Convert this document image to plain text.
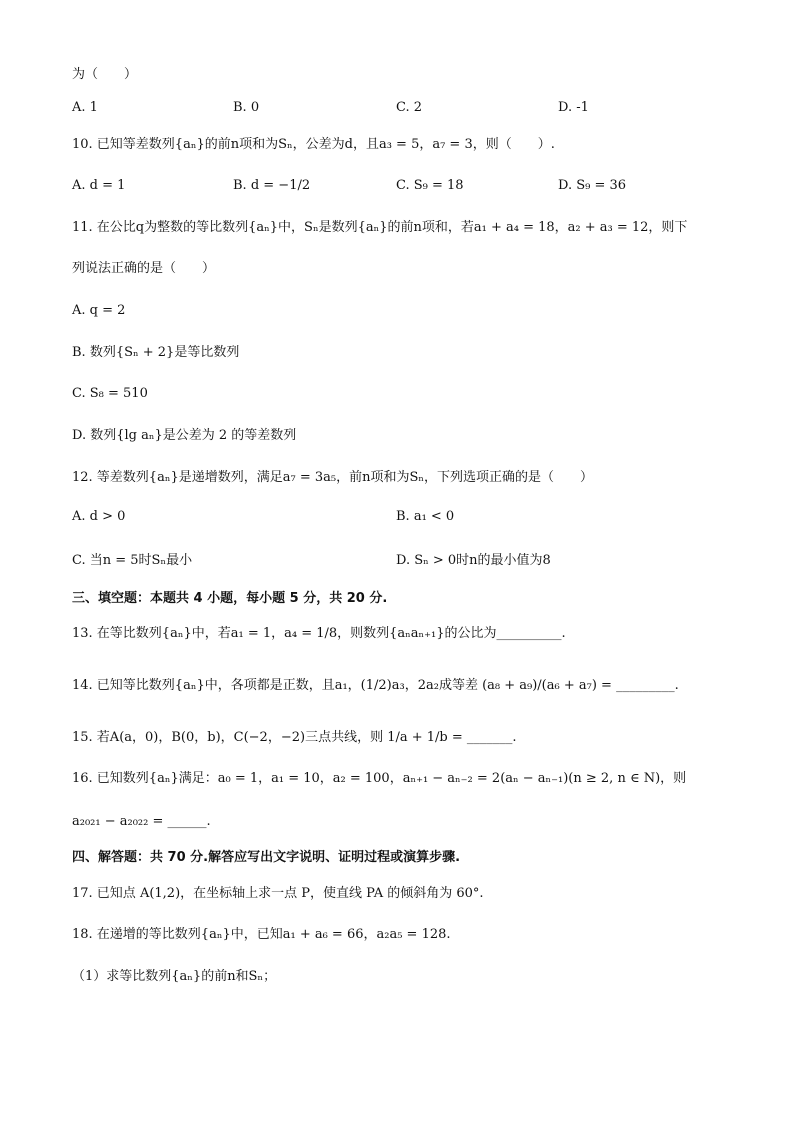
为（　　）
A. 1	B. 0	C. 2	D. -1
10. 已知等差数列{aₙ}的前n项和为Sₙ，公差为d，且a₃ = 5，a₇ = 3，则（　　）.
A. d = 1	B. d = −1/2	C. S₉ = 18	D. S₉ = 36
11. 在公比q为整数的等比数列{aₙ}中，Sₙ是数列{aₙ}的前n项和，若a₁ + a₄ = 18，a₂ + a₃ = 12，则下
列说法正确的是（　　）
A. q = 2
B. 数列{Sₙ + 2}是等比数列
C. S₈ = 510
D. 数列{lg aₙ}是公差为 2 的等差数列
12. 等差数列{aₙ}是递增数列，满足a₇ = 3a₅，前n项和为Sₙ，下列选项正确的是（　　）
A. d > 0	B. a₁ < 0
C. 当n = 5时Sₙ最小	D. Sₙ > 0时n的最小值为8
三、填空题：本题共 4 小题，每小题 5 分，共 20 分.
13. 在等比数列{aₙ}中，若a₁ = 1，a₄ = 1/8，则数列{aₙaₙ₊₁}的公比为__________.
14. 已知等比数列{aₙ}中，各项都是正数，且a₁，(1/2)a₃，2a₂成等差 (a₈ + a₉)/(a₆ + a₇) = _________.
15. 若A(a，0)，B(0，b)，C(−2，−2)三点共线，则 1/a + 1/b = _______.
16. 已知数列{aₙ}满足：a₀ = 1，a₁ = 10，a₂ = 100，aₙ₊₁ − aₙ₋₂ = 2(aₙ − aₙ₋₁)(n ≥ 2, n ∈ N)，则
a₂₀₂₁ − a₂₀₂₂ = ______.
四、解答题：共 70 分.解答应写出文字说明、证明过程或演算步骤.
17. 已知点 A(1,2)，在坐标轴上求一点 P，使直线 PA 的倾斜角为 60°.
18. 在递增的等比数列{aₙ}中，已知a₁ + a₆ = 66，a₂a₅ = 128.
（1）求等比数列{aₙ}的前n和Sₙ；
